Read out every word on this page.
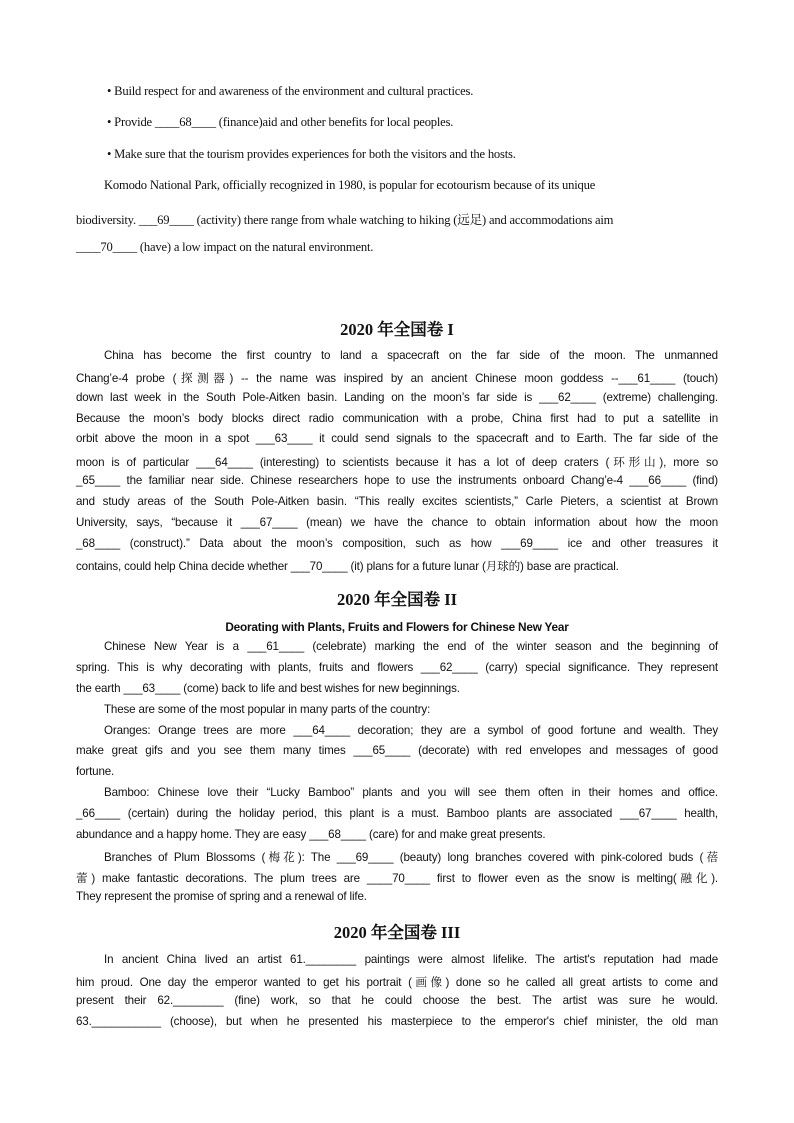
• Build respect for and awareness of the environment and cultural practices.
• Provide ____68____ (finance)aid and other benefits for local peoples.
• Make sure that the tourism provides experiences for both the visitors and the hosts.
Komodo National Park, officially recognized in 1980, is popular for ecotourism because of its unique
biodiversity. ___69____ (activity) there range from whale watching to hiking (远足) and accommodations aim
____70____ (have) a low impact on the natural environment.
2020 年全国卷 I
China has become the first country to land a spacecraft on the far side of the moon. The unmanned
Chang’e-4 probe (探测器) -- the name was inspired by an ancient Chinese moon goddess --___61____ (touch)
down last week in the South Pole-Aitken basin. Landing on the moon’s far side is ___62____ (extreme) challenging.
Because the moon’s body blocks direct radio communication with a probe, China first had to put a satellite in
orbit above the moon in a spot ___63____ it could send signals to the spacecraft and to Earth. The far side of the
moon is of particular ___64____ (interesting) to scientists because it has a lot of deep craters (环形山), more so
_65____ the familiar near side. Chinese researchers hope to use the instruments onboard Chang’e-4 ___66____ (find)
and study areas of the South Pole-Aitken basin. “This really excites scientists,” Carle Pieters, a scientist at Brown
University, says, “because it ___67____ (mean) we have the chance to obtain information about how the moon
_68____ (construct).” Data about the moon’s composition, such as how ___69____ ice and other treasures it
contains, could help China decide whether ___70____ (it) plans for a future lunar (月球的) base are practical.
2020 年全国卷 II
Deorating with Plants, Fruits and Flowers for Chinese New Year
Chinese New Year is a ___61____ (celebrate) marking the end of the winter season and the beginning of
spring. This is why decorating with plants, fruits and flowers ___62____ (carry) special significance. They represent
the earth ___63____ (come) back to life and best wishes for new beginnings.
These are some of the most popular in many parts of the country:
Oranges: Orange trees are more ___64____ decoration; they are a symbol of good fortune and wealth. They
make great gifs and you see them many times ___65____ (decorate) with red envelopes and messages of good
fortune.
Bamboo: Chinese love their “Lucky Bamboo” plants and you will see them often in their homes and office.
_66____ (certain) during the holiday period, this plant is a must. Bamboo plants are associated ___67____ health,
abundance and a happy home. They are easy ___68____ (care) for and make great presents.
Branches of Plum Blossoms (梅花): The ___69____ (beauty) long branches covered with pink-colored buds (蓓
蕾) make fantastic decorations. The plum trees are ____70____ first to flower even as the snow is melting(融化).
They represent the promise of spring and a renewal of life.
2020 年全国卷 III
In ancient China lived an artist 61.________ paintings were almost lifelike. The artist's reputation had made
him proud. One day the emperor wanted to get his portrait (画像) done so he called all great artists to come and
present their 62.________ (fine) work, so that he could choose the best. The artist was sure he would.
63.___________ (choose), but when he presented his masterpiece to the emperor's chief minister, the old man
